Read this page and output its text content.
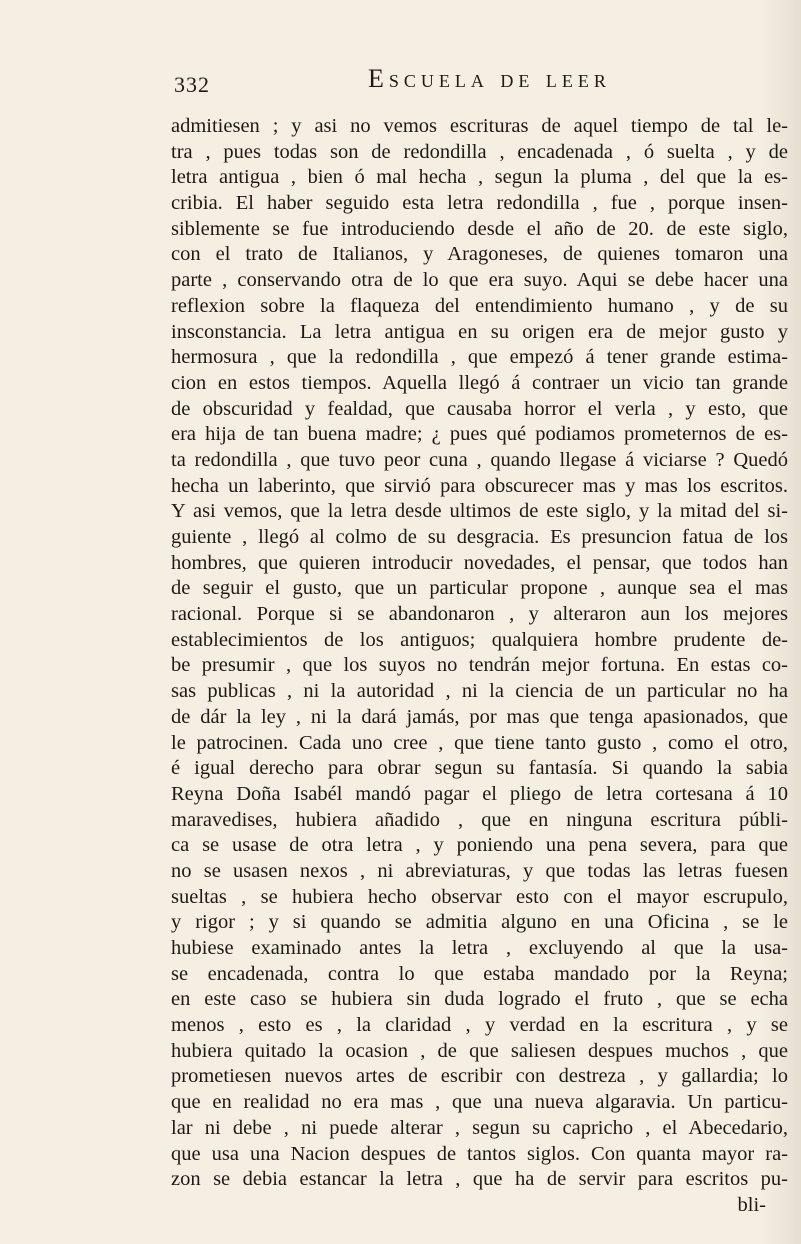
332	Escuela de leer
admitiesen ; y asi no vemos escrituras de aquel tiempo de tal le-
tra , pues todas son de redondilla , encadenada , ó suelta , y de
letra antigua , bien ó mal hecha , segun la pluma , del que la es-
cribia. El haber seguido esta letra redondilla , fue , porque insen-
siblemente se fue introduciendo desde el año de 20. de este siglo,
con el trato de Italianos, y Aragoneses, de quienes tomaron una
parte , conservando otra de lo que era suyo. Aqui se debe hacer una
reflexion sobre la flaqueza del entendimiento humano , y de su
insconstancia. La letra antigua en su origen era de mejor gusto y
hermosura , que la redondilla , que empezó á tener grande estima-
cion en estos tiempos. Aquella llegó á contraer un vicio tan grande
de obscuridad y fealdad, que causaba horror el verla , y esto, que
era hija de tan buena madre; ¿ pues qué podiamos prometernos de es-
ta redondilla , que tuvo peor cuna , quando llegase á viciarse ? Quedó
hecha un laberinto, que sirvió para obscurecer mas y mas los escritos.
Y asi vemos, que la letra desde ultimos de este siglo, y la mitad del si-
guiente , llegó al colmo de su desgracia. Es presuncion fatua de los
hombres, que quieren introducir novedades, el pensar, que todos han
de seguir el gusto, que un particular propone , aunque sea el mas
racional. Porque si se abandonaron , y alteraron aun los mejores
establecimientos de los antiguos; qualquiera hombre prudente de-
be presumir , que los suyos no tendrán mejor fortuna. En estas co-
sas publicas , ni la autoridad , ni la ciencia de un particular no ha
de dár la ley , ni la dará jamás, por mas que tenga apasionados, que
le patrocinen. Cada uno cree , que tiene tanto gusto , como el otro,
é igual derecho para obrar segun su fantasía. Si quando la sabia
Reyna Doña Isabél mandó pagar el pliego de letra cortesana á 10
maravedises, hubiera añadido , que en ninguna escritura públi-
ca se usase de otra letra , y poniendo una pena severa, para que
no se usasen nexos , ni abreviaturas, y que todas las letras fuesen
sueltas , se hubiera hecho observar esto con el mayor escrupulo,
y rigor ; y si quando se admitia alguno en una Oficina , se le
hubiese examinado antes la letra , excluyendo al que la usa-
se encadenada, contra lo que estaba mandado por la Reyna;
en este caso se hubiera sin duda logrado el fruto , que se echa
menos , esto es , la claridad , y verdad en la escritura , y se
hubiera quitado la ocasion , de que saliesen despues muchos , que
prometiesen nuevos artes de escribir con destreza , y gallardia; lo
que en realidad no era mas , que una nueva algaravia. Un particu-
lar ni debe , ni puede alterar , segun su capricho , el Abecedario,
que usa una Nacion despues de tantos siglos. Con quanta mayor ra-
zon se debia estancar la letra , que ha de servir para escritos pu-
bli-
